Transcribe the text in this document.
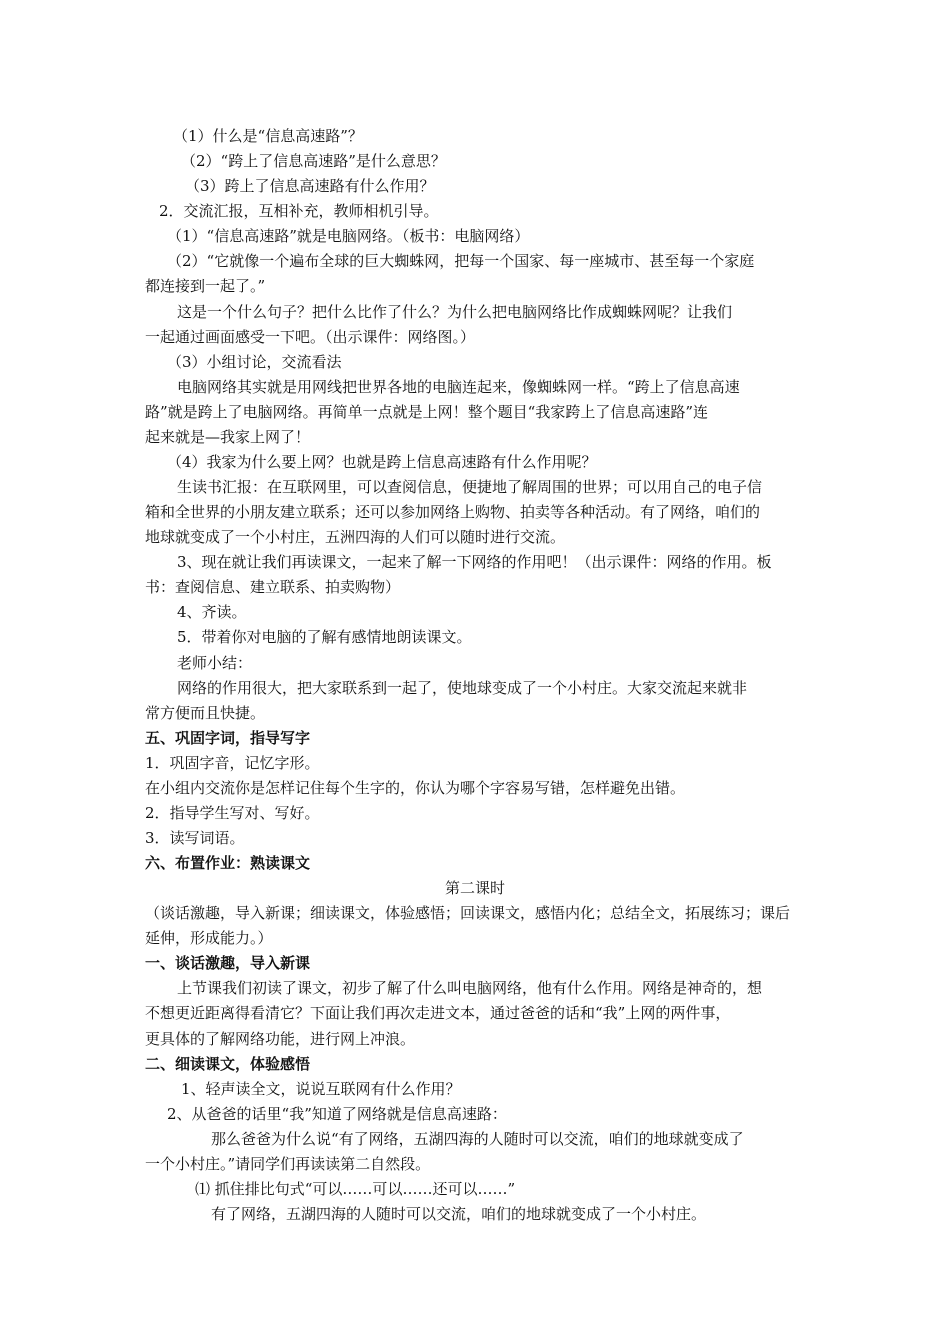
（1）什么是“信息高速路”？
（2）“跨上了信息高速路”是什么意思？
（3）跨上了信息高速路有什么作用？
2．交流汇报，互相补充，教师相机引导。
（1）“信息高速路”就是电脑网络。（板书：电脑网络）
（2）“它就像一个遍布全球的巨大蜘蛛网，把每一个国家、每一座城市、甚至每一个家庭
都连接到一起了。”
这是一个什么句子？把什么比作了什么？为什么把电脑网络比作成蜘蛛网呢？让我们
一起通过画面感受一下吧。（出示课件：网络图。）
（3）小组讨论，交流看法
电脑网络其实就是用网线把世界各地的电脑连起来，像蜘蛛网一样。“跨上了信息高速
路”就是跨上了电脑网络。再简单一点就是上网！整个题目“我家跨上了信息高速路”连
起来就是—我家上网了！
（4）我家为什么要上网？也就是跨上信息高速路有什么作用呢？
生读书汇报：在互联网里，可以查阅信息，便捷地了解周围的世界；可以用自己的电子信
箱和全世界的小朋友建立联系；还可以参加网络上购物、拍卖等各种活动。有了网络，咱们的
地球就变成了一个小村庄，五洲四海的人们可以随时进行交流。
3、现在就让我们再读课文，一起来了解一下网络的作用吧！（出示课件：网络的作用。板
书：查阅信息、建立联系、拍卖购物）
4、齐读。
5．带着你对电脑的了解有感情地朗读课文。
老师小结：
网络的作用很大，把大家联系到一起了，使地球变成了一个小村庄。大家交流起来就非
常方便而且快捷。
五、巩固字词，指导写字
1．巩固字音，记忆字形。
在小组内交流你是怎样记住每个生字的，你认为哪个字容易写错，怎样避免出错。
2．指导学生写对、写好。
3．读写词语。
六、布置作业：熟读课文
第二课时
（谈话激趣，导入新课；细读课文，体验感悟；回读课文，感悟内化；总结全文，拓展练习；课后
延伸，形成能力。）
一、谈话激趣，导入新课
上节课我们初读了课文，初步了解了什么叫电脑网络，他有什么作用。网络是神奇的，想
不想更近距离得看清它？下面让我们再次走进文本，通过爸爸的话和“我”上网的两件事，
更具体的了解网络功能，进行网上冲浪。
二、细读课文，体验感悟
1、轻声读全文，说说互联网有什么作用？
2、从爸爸的话里“我”知道了网络就是信息高速路：
那么爸爸为什么说“有了网络，五湖四海的人随时可以交流，咱们的地球就变成了
一个小村庄。”请同学们再读读第二自然段。
⑴ 抓住排比句式“可以……可以……还可以……”
有了网络，五湖四海的人随时可以交流，咱们的地球就变成了一个小村庄。
